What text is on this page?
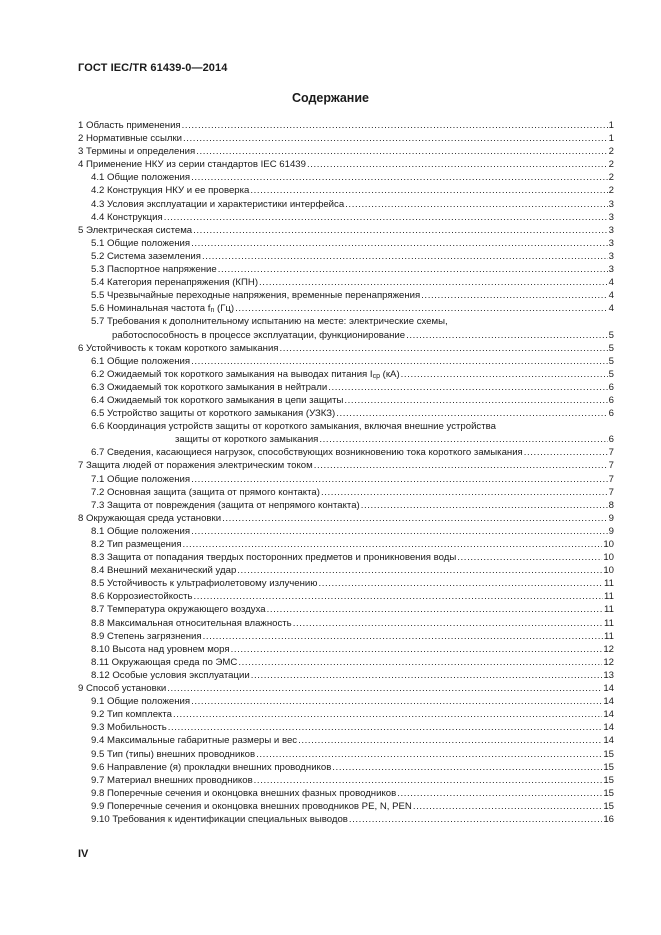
ГОСТ IEC/TR 61439-0—2014
Содержание
1 Область применения .....	1
2 Нормативные ссылки .....	1
3 Термины и определения .....	2
4 Применение НКУ из серии стандартов IEC 61439 .....	2
4.1 Общие положения .....	2
4.2 Конструкция НКУ и ее проверка .....	2
4.3 Условия эксплуатации и характеристики интерфейса .....	3
4.4 Конструкция .....	3
5 Электрическая система .....	3
5.1 Общие положения .....	3
5.2 Система заземления .....	3
5.3 Паспортное напряжение .....	3
5.4 Категория перенапряжения (КПН) .....	4
5.5 Чрезвычайные переходные напряжения, временные перенапряжения .....	4
5.6 Номинальная частота fn (Гц) .....	4
5.7 Требования к дополнительному испытанию на месте: электрические схемы,
работоспособность в процессе эксплуатации, функционирование .....	5
6 Устойчивость к токам короткого замыкания .....	5
6.1 Общие положения .....	5
6.2 Ожидаемый ток короткого замыкания на выводах питания Icp (кА) .....	5
6.3 Ожидаемый ток короткого замыкания в нейтрали .....	6
6.4 Ожидаемый ток короткого замыкания в цепи защиты .....	6
6.5 Устройство защиты от короткого замыкания (УЗКЗ) .....	6
6.6 Координация устройств защиты от короткого замыкания, включая внешние устройства
защиты от короткого замыкания .....	6
6.7 Сведения, касающиеся нагрузок, способствующих возникновению тока короткого замыкания .....	7
7 Защита людей от поражения электрическим током .....	7
7.1 Общие положения .....	7
7.2 Основная защита (защита от прямого контакта) .....	7
7.3 Защита от повреждения (защита от непрямого контакта) .....	8
8 Окружающая среда установки .....	9
8.1 Общие положения .....	9
8.2 Тип размещения .....	10
8.3 Защита от попадания твердых посторонних предметов и проникновения воды .....	10
8.4 Внешний механический удар .....	10
8.5 Устойчивость к ультрафиолетовому излучению .....	11
8.6 Коррозиестойкость .....	11
8.7 Температура окружающего воздуха .....	11
8.8 Максимальная относительная влажность .....	11
8.9 Степень загрязнения .....	11
8.10 Высота над уровнем моря .....	12
8.11 Окружающая среда по ЭМС .....	12
8.12 Особые условия эксплуатации .....	13
9 Способ установки .....	14
9.1 Общие положения .....	14
9.2 Тип комплекта .....	14
9.3 Мобильность .....	14
9.4 Максимальные габаритные размеры и вес .....	14
9.5 Тип (типы) внешних проводников .....	15
9.6 Направление (я) прокладки внешних проводников .....	15
9.7 Материал внешних проводников .....	15
9.8 Поперечные сечения и оконцовка внешних фазных проводников .....	15
9.9 Поперечные сечения и оконцовка внешних проводников PE, N, PEN .....	15
9.10 Требования к идентификации специальных выводов .....	16
IV
